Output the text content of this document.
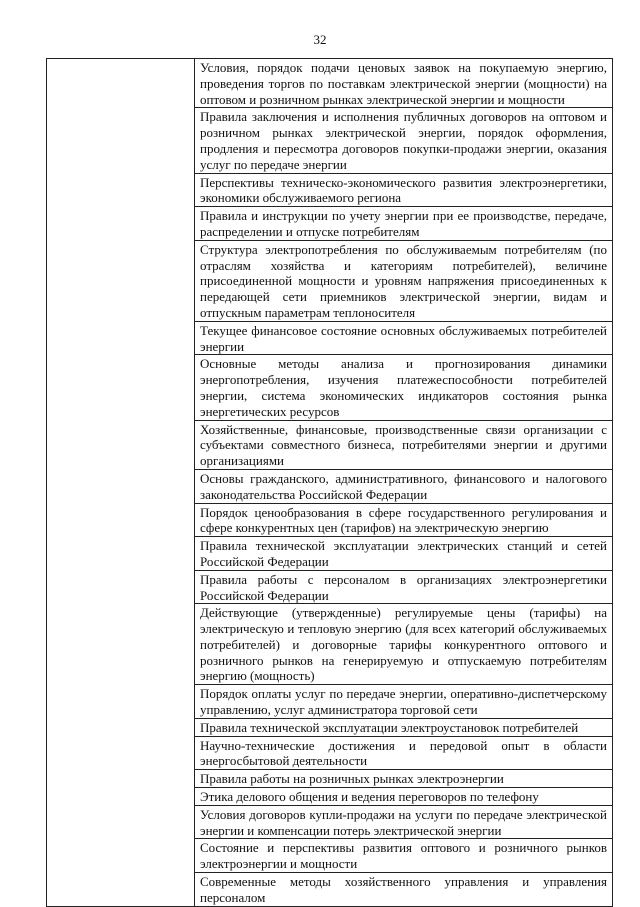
32
Условия, порядок подачи ценовых заявок на покупаемую энергию, проведения торгов по поставкам электрической энергии (мощности) на оптовом и розничном рынках электрической энергии и мощности
Правила заключения и исполнения публичных договоров на оптовом и розничном рынках электрической энергии, порядок оформления, продления и пересмотра договоров покупки-продажи энергии, оказания услуг по передаче энергии
Перспективы техническо-экономического развития электроэнергетики, экономики обслуживаемого региона
Правила и инструкции по учету энергии при ее производстве, передаче, распределении и отпуске потребителям
Структура электропотребления по обслуживаемым потребителям (по отраслям хозяйства и категориям потребителей), величине присоединенной мощности и уровням напряжения присоединенных к передающей сети приемников электрической энергии, видам и отпускным параметрам теплоносителя
Текущее финансовое состояние основных обслуживаемых потребителей энергии
Основные методы анализа и прогнозирования динамики энергопотребления, изучения платежеспособности потребителей энергии, система экономических индикаторов состояния рынка энергетических ресурсов
Хозяйственные, финансовые, производственные связи организации с субъектами совместного бизнеса, потребителями энергии и другими организациями
Основы гражданского, административного, финансового и налогового законодательства Российской Федерации
Порядок ценообразования в сфере государственного регулирования и сфере конкурентных цен (тарифов) на электрическую энергию
Правила технической эксплуатации электрических станций и сетей Российской Федерации
Правила работы с персоналом в организациях электроэнергетики Российской Федерации
Действующие (утвержденные) регулируемые цены (тарифы) на электрическую и тепловую энергию (для всех категорий обслуживаемых потребителей) и договорные тарифы конкурентного оптового и розничного рынков на генерируемую и отпускаемую потребителям энергию (мощность)
Порядок оплаты услуг по передаче энергии, оперативно-диспетчерскому управлению, услуг администратора торговой сети
Правила технической эксплуатации электроустановок потребителей
Научно-технические достижения и передовой опыт в области энергосбытовой деятельности
Правила работы на розничных рынках электроэнергии
Этика делового общения и ведения переговоров по телефону
Условия договоров купли-продажи на услуги по передаче электрической энергии и компенсации потерь электрической энергии
Состояние и перспективы развития оптового и розничного рынков электроэнергии и мощности
Современные методы хозяйственного управления и управления персоналом
